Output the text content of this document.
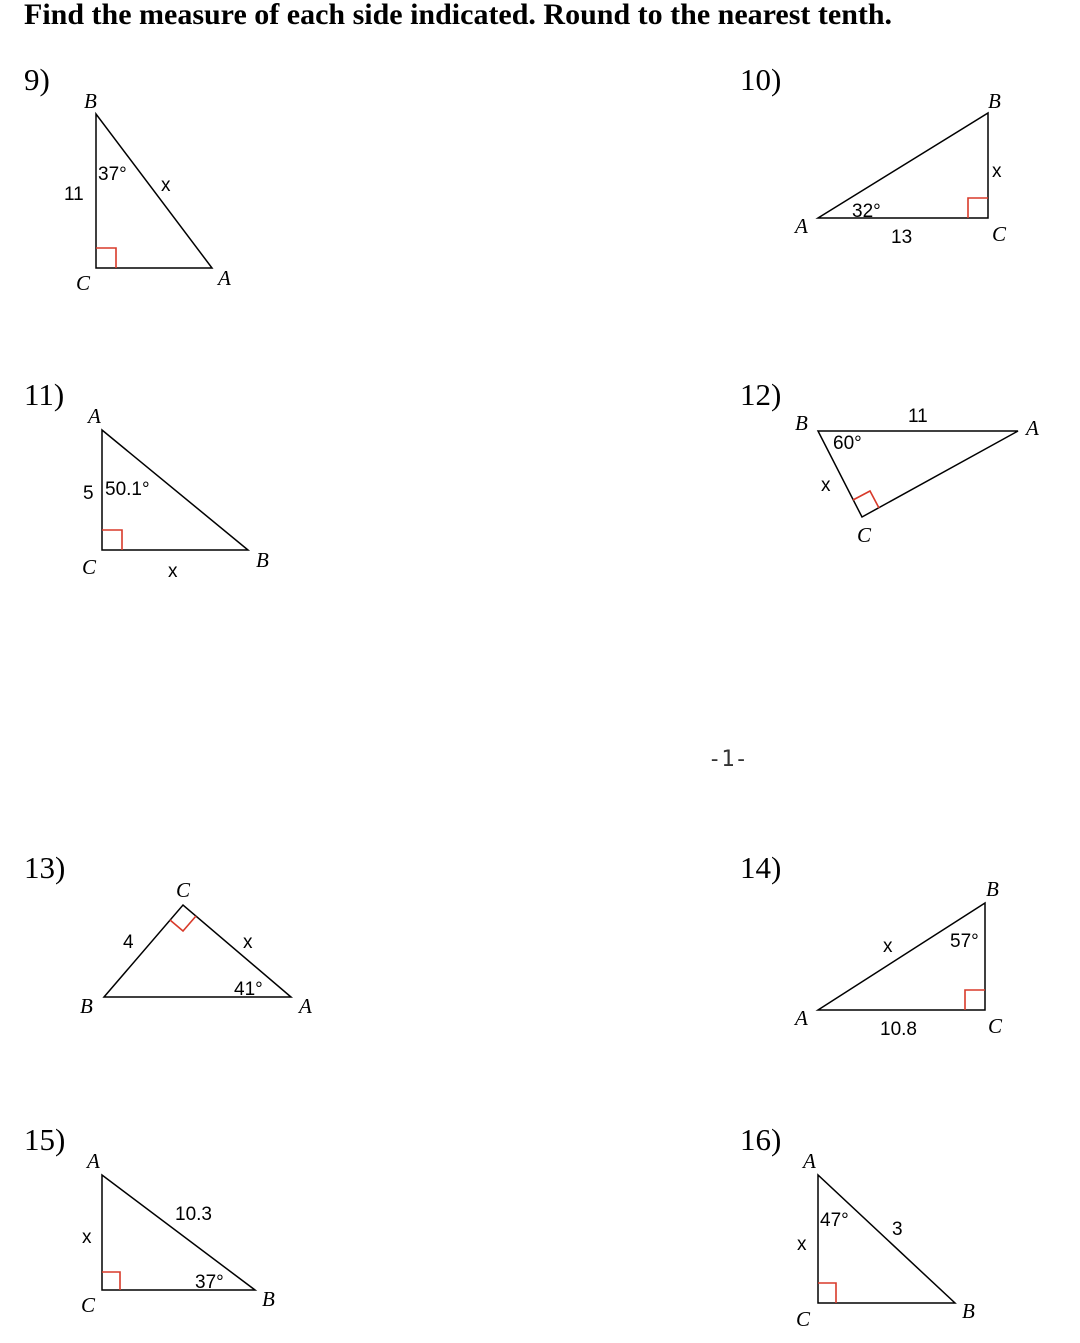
Find the measure of each side indicated. Round to the nearest tenth.
9)	10)
11)	12)
13)	14)
15)	16)
-1-
B
C	A
11
37°
x
A
B
C
13
32°
x
A
C	B
5 50.1°
x
B	A
C
11
60°
x
C
B	A
4
41°
x
B
A	C
10.8
57°
x
A
C	B
10.3
37°
x
A
C	B
3
47°
x
